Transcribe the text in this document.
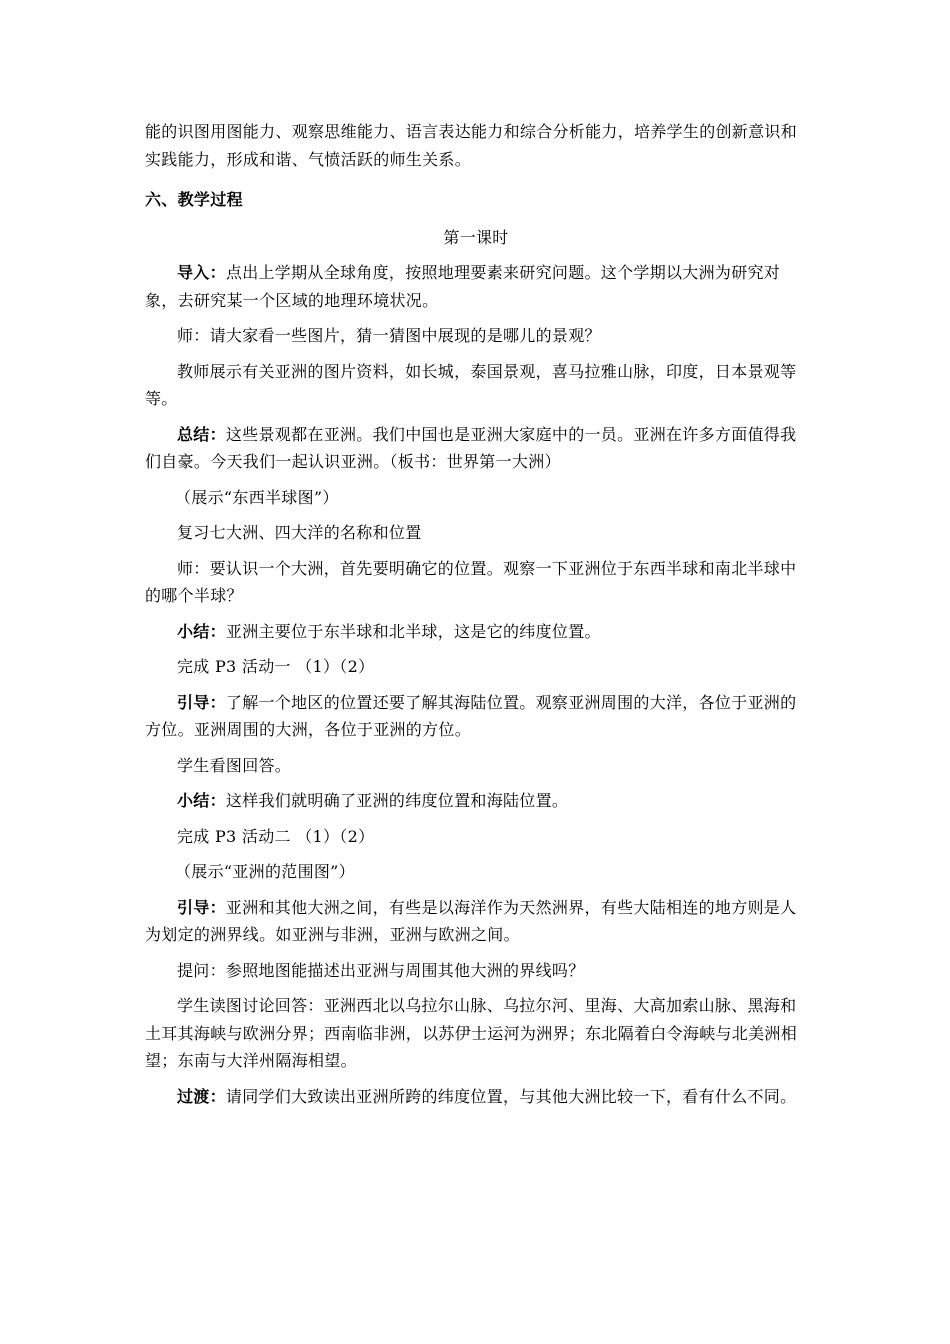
能的识图用图能力、观察思维能力、语言表达能力和综合分析能力，培养学生的创新意识和实践能力，形成和谐、气愤活跃的师生关系。

六、教学过程

第一课时

导入：点出上学期从全球角度，按照地理要素来研究问题。这个学期以大洲为研究对象，去研究某一个区域的地理环境状况。

师：请大家看一些图片，猜一猜图中展现的是哪儿的景观？

教师展示有关亚洲的图片资料，如长城，泰国景观，喜马拉雅山脉，印度，日本景观等等。

总结：这些景观都在亚洲。我们中国也是亚洲大家庭中的一员。亚洲在许多方面值得我们自豪。今天我们一起认识亚洲。（板书：世界第一大洲）

（展示“东西半球图”）

复习七大洲、四大洋的名称和位置

师：要认识一个大洲，首先要明确它的位置。观察一下亚洲位于东西半球和南北半球中的哪个半球？

小结：亚洲主要位于东半球和北半球，这是它的纬度位置。

完成 P3 活动一 （1）（2）

引导：了解一个地区的位置还要了解其海陆位置。观察亚洲周围的大洋，各位于亚洲的方位。亚洲周围的大洲，各位于亚洲的方位。

学生看图回答。

小结：这样我们就明确了亚洲的纬度位置和海陆位置。

完成 P3 活动二 （1）（2）

（展示“亚洲的范围图”）

引导：亚洲和其他大洲之间，有些是以海洋作为天然洲界，有些大陆相连的地方则是人为划定的洲界线。如亚洲与非洲，亚洲与欧洲之间。

提问：参照地图能描述出亚洲与周围其他大洲的界线吗？

学生读图讨论回答：亚洲西北以乌拉尔山脉、乌拉尔河、里海、大高加索山脉、黑海和土耳其海峡与欧洲分界；西南临非洲，以苏伊士运河为洲界；东北隔着白令海峡与北美洲相望；东南与大洋州隔海相望。

过渡：请同学们大致读出亚洲所跨的纬度位置，与其他大洲比较一下，看有什么不同。
